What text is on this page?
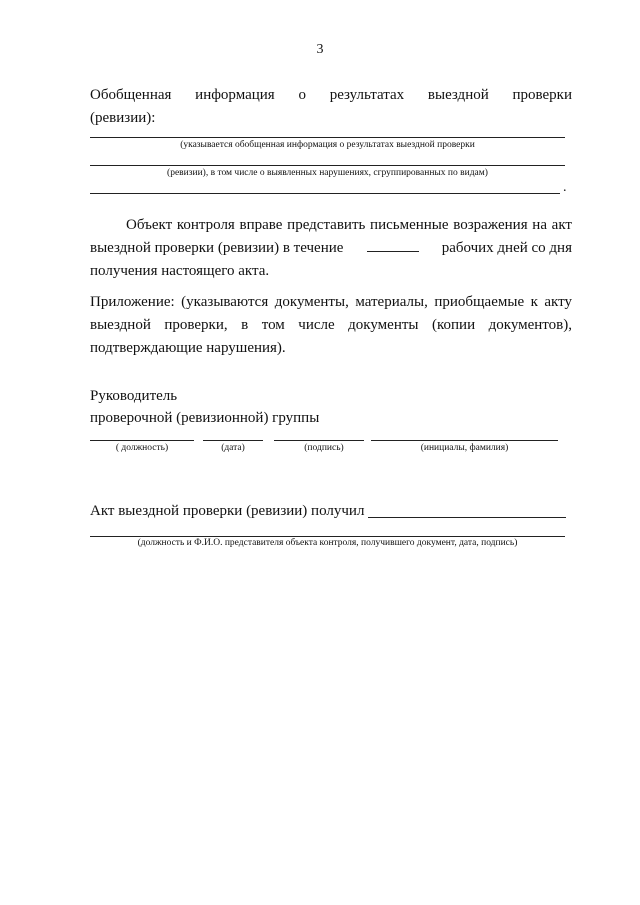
3
Обобщенная информация о результатах выездной проверки
(ревизии):
(указывается обобщенная информация о результатах выездной проверки
(ревизии), в том числе о выявленных нарушениях, сгруппированных по видам)
.
Объект контроля вправе представить письменные возражения на акт
выездной проверки (ревизии) в течение	рабочих дней со дня
получения настоящего акта.
Приложение: (указываются документы, материалы, приобщаемые к акту
выездной проверки, в том числе документы (копии документов),
подтверждающие нарушения).
Руководитель
проверочной (ревизионной) группы
( должность)	(дата)	(подпись)	(инициалы, фамилия)
Акт выездной проверки (ревизии) получил
(должность и Ф.И.О. представителя объекта контроля, получившего документ, дата, подпись)
